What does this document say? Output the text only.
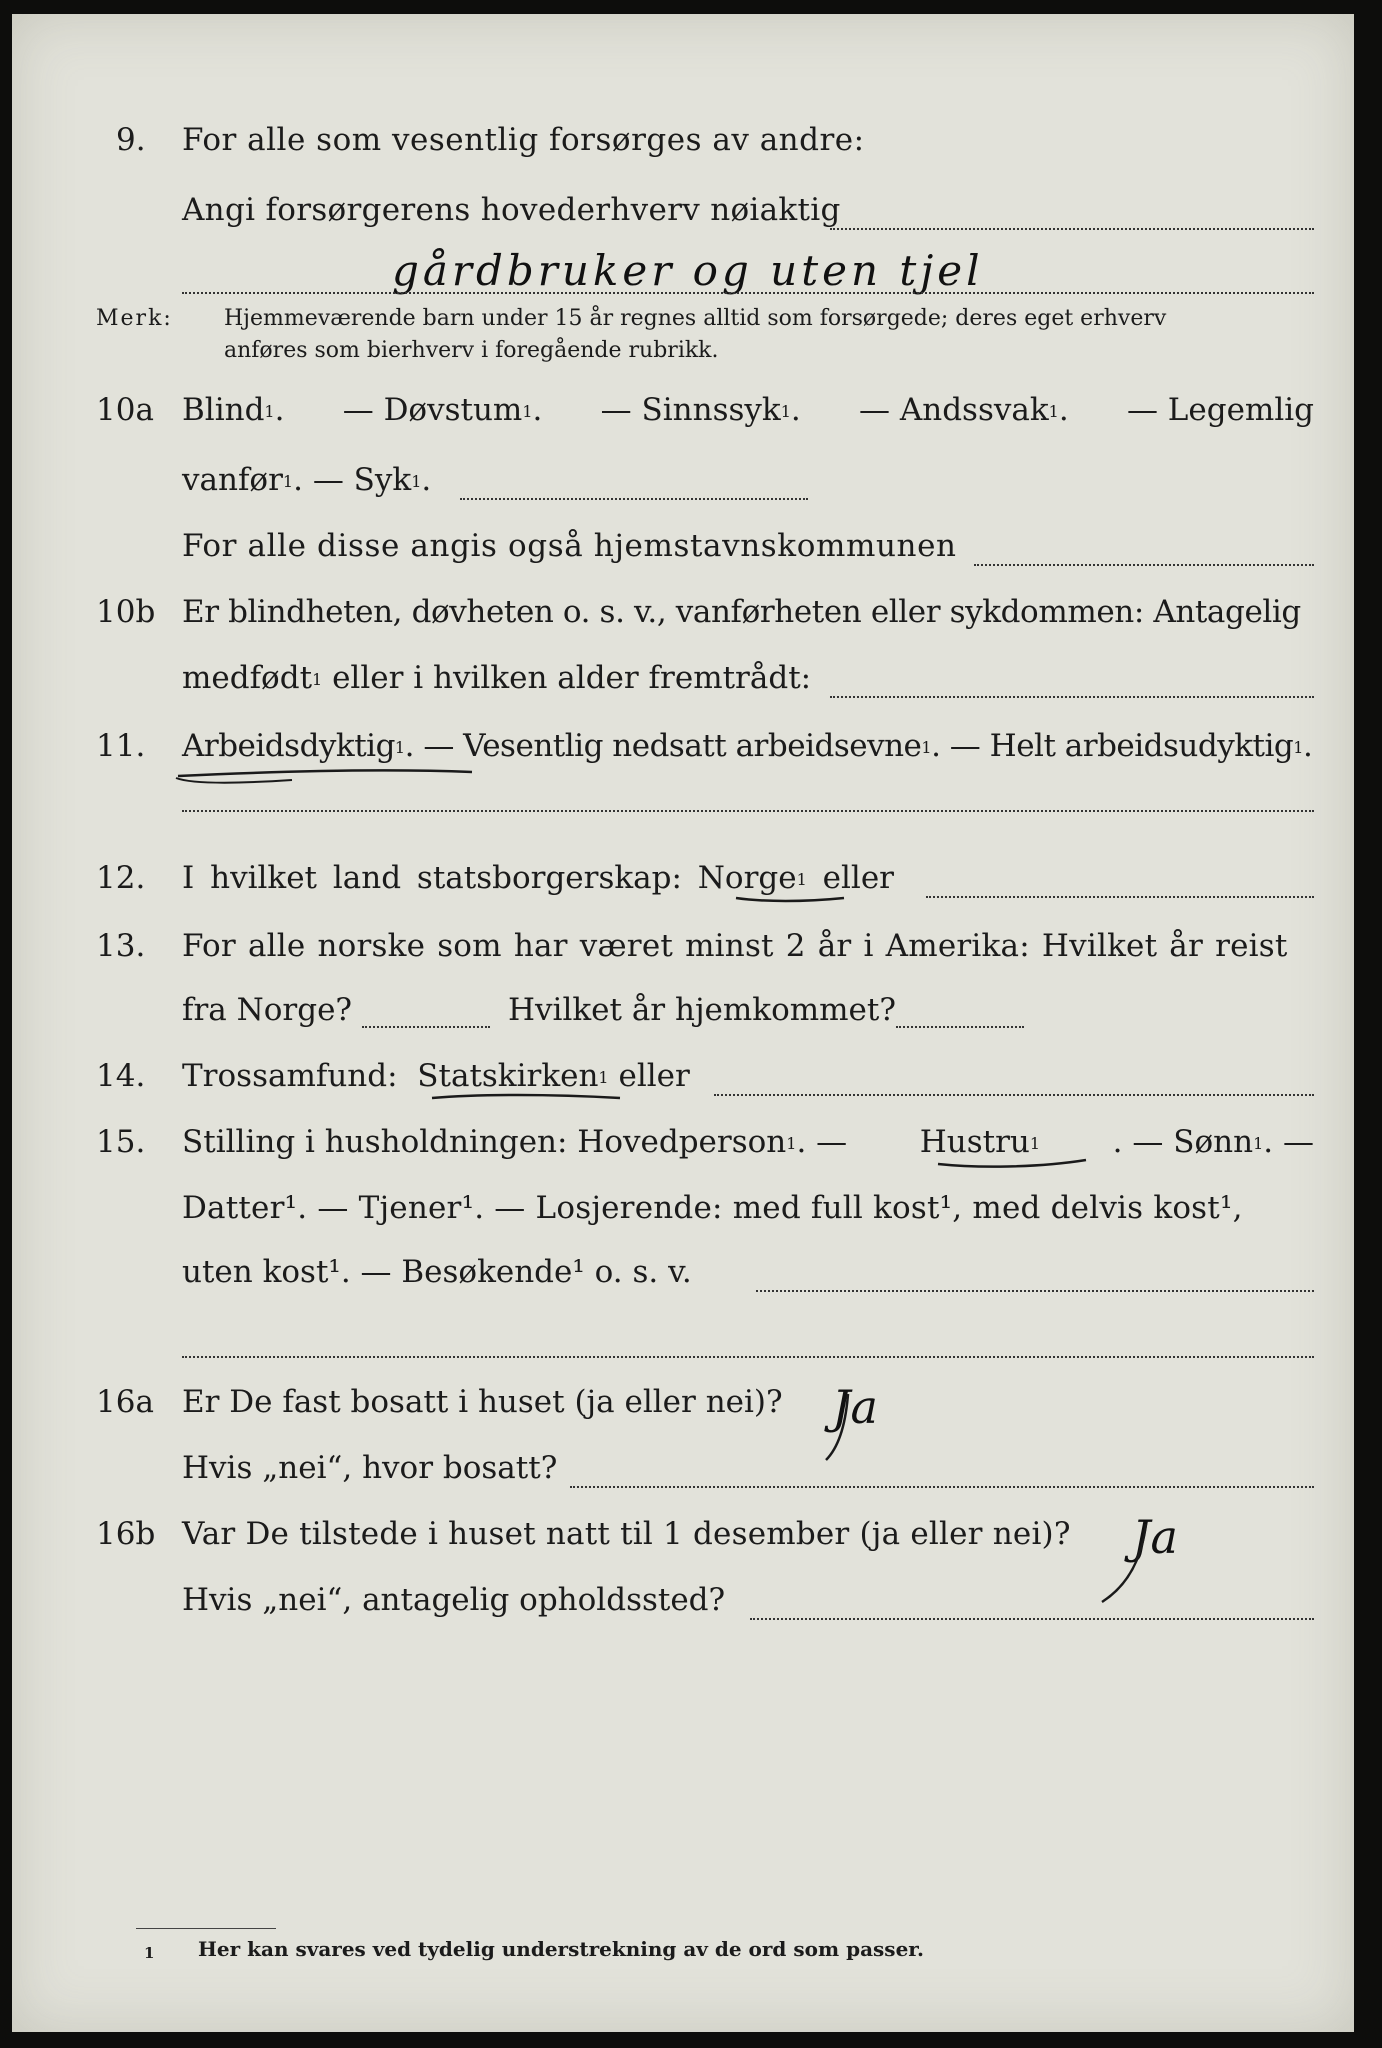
9. For alle som vesentlig forsørges av andre:
Angi forsørgerens hovederhverv nøiaktig
gårdbruker og uten tjel
Merk: Hjemmeværende barn under 15 år regnes alltid som forsørgede; deres eget erhverv
anføres som bierhverv i foregående rubrikk.
10a Blind$^1$. — Døvstum$^1$. — Sinnssyk$^1$. — Andssvak$^1$. — Legemlig
vanfør$^1$. — Syk$^1$.
For alle disse angis også hjemstavnskommunen
10b Er blindheten, døvheten o. s. v., vanførheten eller sykdommen: Antagelig
medfødt$^1$ eller i hvilken alder fremtrådt:
11. Arbeidsdyktig$^1$. — Vesentlig nedsatt arbeidsevne$^1$. — Helt arbeidsudyktig$^1$.
12. I hvilket land statsborgerskap: Norge$^1$ eller
13. For alle norske som har været minst 2 år i Amerika: Hvilket år reist
fra Norge?	Hvilket år hjemkommet?
14. Trossamfund: Statskirken$^1$ eller
15. Stilling i husholdningen: Hovedperson$^1$. — Hustru$^1$ . — Sønn$^1$. —
Datter¹. — Tjener¹. — Losjerende: med full kost¹, med delvis kost¹,
uten kost¹. — Besøkende¹ o. s. v.
16a Er De fast bosatt i huset (ja eller nei)? Ja
Hvis „nei“, hvor bosatt?
16b Var De tilstede i huset natt til 1 desember (ja eller nei)? Ja
Hvis „nei“, antagelig opholdssted?
1 Her kan svares ved tydelig understrekning av de ord som passer.
